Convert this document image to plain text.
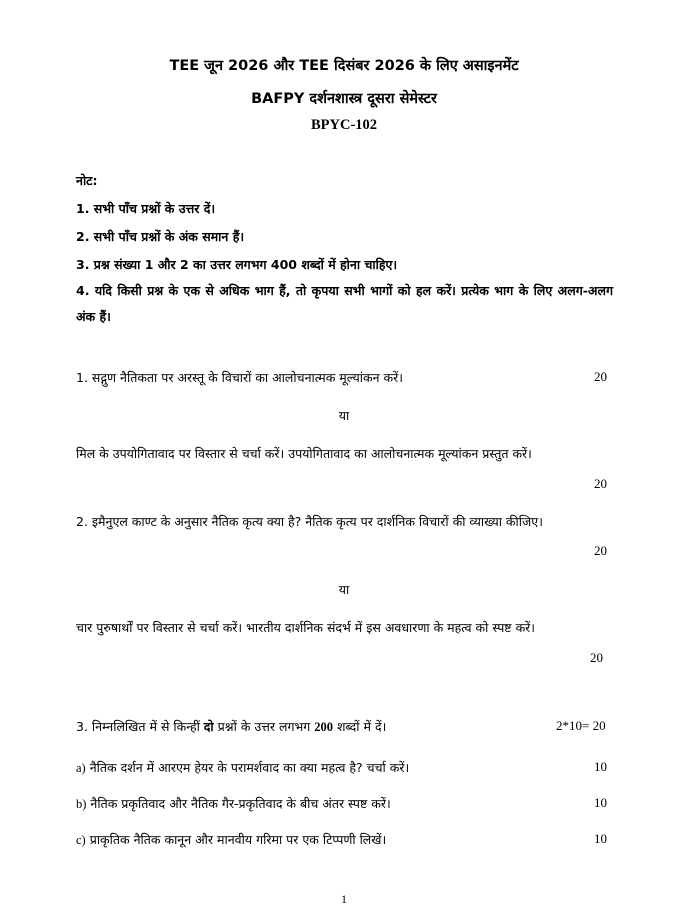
TEE जून 2026 और TEE दिसंबर 2026 के लिए असाइनमेंट
BAFPY दर्शनशास्त्र दूसरा सेमेस्टर
BPYC-102
नोट:
1. सभी पाँच प्रश्नों के उत्तर दें।
2. सभी पाँच प्रश्नों के अंक समान हैं।
3. प्रश्न संख्या 1 और 2 का उत्तर लगभग 400 शब्दों में होना चाहिए।
4. यदि किसी प्रश्न के एक से अधिक भाग हैं, तो कृपया सभी भागों को हल करें। प्रत्येक भाग के लिए अलग-अलग अंक हैं।
1. सद्गुण नैतिकता पर अरस्तू के विचारों का आलोचनात्मक मूल्यांकन करें।	20
या
मिल के उपयोगितावाद पर विस्तार से चर्चा करें। उपयोगितावाद का आलोचनात्मक मूल्यांकन प्रस्तुत करें।
20
2. इमैनुएल काण्ट के अनुसार नैतिक कृत्य क्या है? नैतिक कृत्य पर दार्शनिक विचारों की व्याख्या कीजिए।
20
या
चार पुरुषार्थों पर विस्तार से चर्चा करें। भारतीय दार्शनिक संदर्भ में इस अवधारणा के महत्व को स्पष्ट करें।
20
3. निम्नलिखित में से किन्हीं दो प्रश्नों के उत्तर लगभग 200 शब्दों में दें।	2*10= 20
a) नैतिक दर्शन में आरएम हेयर के परामर्शवाद का क्या महत्व है? चर्चा करें।	10
b) नैतिक प्रकृतिवाद और नैतिक गैर-प्रकृतिवाद के बीच अंतर स्पष्ट करें।	10
c) प्राकृतिक नैतिक कानून और मानवीय गरिमा पर एक टिप्पणी लिखें।	10
1
